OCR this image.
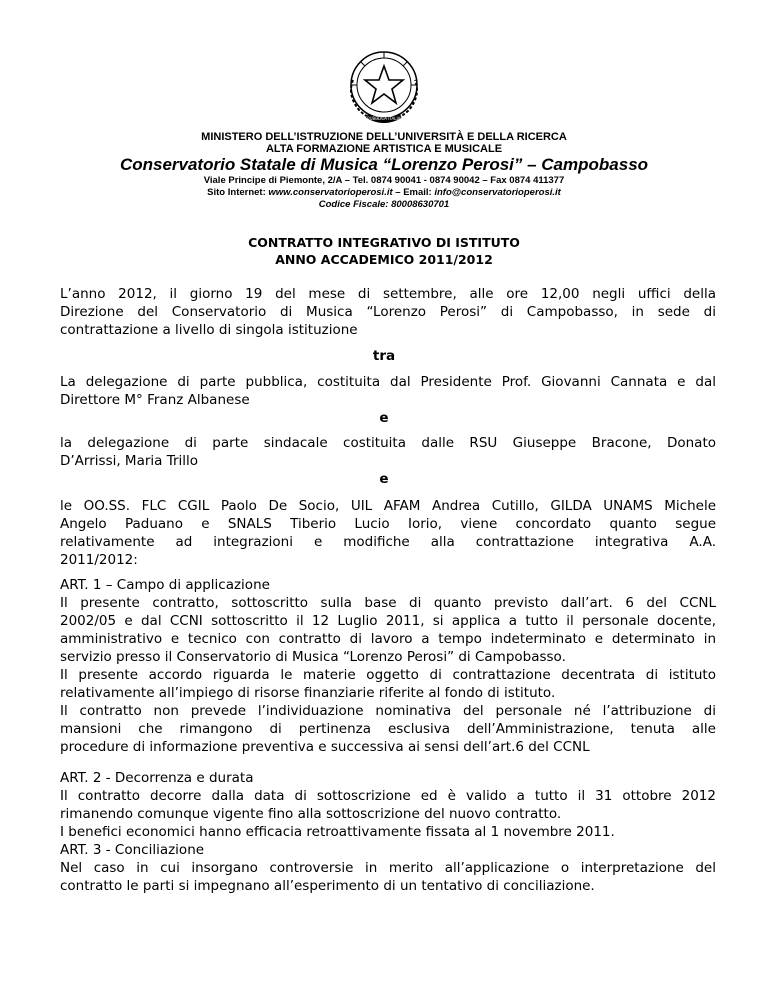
REPUBBLICA ITALIANA
MINISTERO DELL’ISTRUZIONE DELL’UNIVERSITÀ E DELLA RICERCA
ALTA FORMAZIONE ARTISTICA E MUSICALE
Conservatorio Statale di Musica “Lorenzo Perosi” – Campobasso
Viale Principe di Piemonte, 2/A – Tel. 0874 90041 - 0874 90042 – Fax 0874 411377
Sito Internet: www.conservatorioperosi.it – Email: info@conservatorioperosi.it
Codice Fiscale: 80008630701
CONTRATTO INTEGRATIVO DI ISTITUTO
ANNO ACCADEMICO 2011/2012

L’anno 2012, il giorno 19 del mese di settembre, alle ore 12,00 negli uffici della

Direzione del Conservatorio di Musica “Lorenzo Perosi” di Campobasso, in sede di

contrattazione a livello di singola istituzione

tra

La delegazione di parte pubblica, costituita dal Presidente Prof. Giovanni Cannata e dal

Direttore M° Franz Albanese

e

la delegazione di parte sindacale costituita dalle RSU Giuseppe Bracone, Donato

D’Arrissi, Maria Trillo

e

le OO.SS. FLC CGIL Paolo De Socio, UIL AFAM Andrea Cutillo, GILDA UNAMS Michele

Angelo Paduano e SNALS Tiberio Lucio Iorio, viene concordato quanto segue

relativamente ad integrazioni e modifiche alla contrattazione integrativa A.A.

2011/2012:

ART. 1 – Campo di applicazione

Il presente contratto, sottoscritto sulla base di quanto previsto dall’art. 6 del CCNL

2002/05 e dal CCNI sottoscritto il 12 Luglio 2011, si applica a tutto il personale docente,

amministrativo e tecnico con contratto di lavoro a tempo indeterminato e determinato in

servizio presso il Conservatorio di Musica “Lorenzo Perosi” di Campobasso.

Il presente accordo riguarda le materie oggetto di contrattazione decentrata di istituto

relativamente all’impiego di risorse finanziarie riferite al fondo di istituto.

Il contratto non prevede l’individuazione nominativa del personale né l’attribuzione di

mansioni che rimangono di pertinenza esclusiva dell’Amministrazione, tenuta alle

procedure di informazione preventiva e successiva ai sensi dell’art.6 del CCNL

ART. 2 - Decorrenza e durata

Il contratto decorre dalla data di sottoscrizione ed è valido a tutto il 31 ottobre 2012

rimanendo comunque vigente fino alla sottoscrizione del nuovo contratto.

I benefici economici hanno efficacia retroattivamente fissata al 1 novembre 2011.

ART. 3 - Conciliazione

Nel caso in cui insorgano controversie in merito all’applicazione o interpretazione del

contratto le parti si impegnano all’esperimento di un tentativo di conciliazione.
